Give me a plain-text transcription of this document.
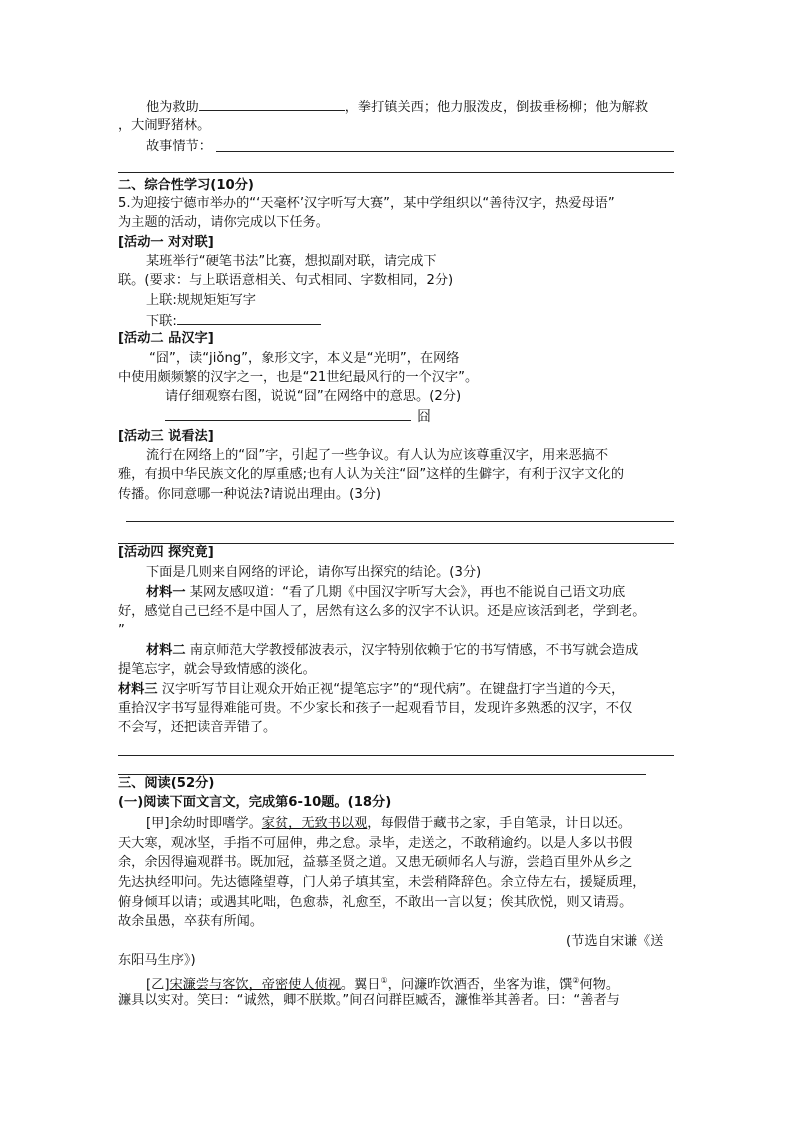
他为救助	，拳打镇关西；他力服泼皮，倒拔垂杨柳；他为解救
，大闹野猪林。
故事情节：
二、综合性学习(10分)
5.为迎接宁德市举办的“‘天毫杯’汉字听写大赛”，某中学组织以“善待汉字，热爱母语”
为主题的活动，请你完成以下任务。
[活动一 对对联]
某班举行“硬笔书法”比赛，想拟副对联，请完成下
联。(要求：与上联语意相关、句式相同、字数相同，2分)
上联:规规矩矩写字
下联:
[活动二 品汉字]
“囧”，读“jiǒng”，象形文字，本义是“光明”，在网络
中使用颇频繁的汉字之一，也是“21世纪最风行的一个汉字”。
请仔细观察右图，说说“囧”在网络中的意思。(2分)
囧
[活动三 说看法]
流行在网络上的“囧”字，引起了一些争议。有人认为应该尊重汉字，用来恶搞不
雅，有损中华民族文化的厚重感;也有人认为关注“囧”这样的生僻字，有利于汉字文化的
传播。你同意哪一种说法?请说出理由。(3分)
[活动四 探究竟]
下面是几则来自网络的评论，请你写出探究的结论。(3分)
材料一 某网友感叹道：“看了几期《中国汉字听写大会》，再也不能说自己语文功底
好，感觉自己已经不是中国人了，居然有这么多的汉字不认识。还是应该活到老，学到老。
”
材料二 南京师范大学教授郁波表示，汉字特别依赖于它的书写情感，不书写就会造成
提笔忘字，就会导致情感的淡化。
材料三 汉字听写节目让观众开始正视“提笔忘字”的“现代病”。在键盘打字当道的今天，
重拾汉字书写显得难能可贵。不少家长和孩子一起观看节目，发现许多熟悉的汉字，不仅
不会写，还把读音弄错了。
三、阅读(52分)
(一)阅读下面文言文，完成第6-10题。(18分)
[甲]余幼时即嗜学。家贫，无致书以观，每假借于藏书之家，手自笔录，计日以还。
天大寒，观冰坚，手指不可屈伸，弗之怠。录毕，走送之，不敢稍逾约。以是人多以书假
余，余因得遍观群书。既加冠，益慕圣贤之道。又患无硕师名人与游，尝趋百里外从乡之
先达执经叩问。先达德隆望尊，门人弟子填其室，未尝稍降辞色。余立侍左右，援疑质理，
俯身倾耳以请；或遇其叱咄，色愈恭，礼愈至，不敢出一言以复；俟其欣悦，则又请焉。
故余虽愚，卒获有所闻。
(节选自宋谦《送
东阳马生序》)
[乙]宋濂尝与客饮，帝密使人侦视。翼日①，问濂昨饮酒否，坐客为谁，馔②何物。
濂具以实对。笑曰：“诚然，卿不朕欺。”间召问群臣臧否，濂惟举其善者。曰：“善者与
